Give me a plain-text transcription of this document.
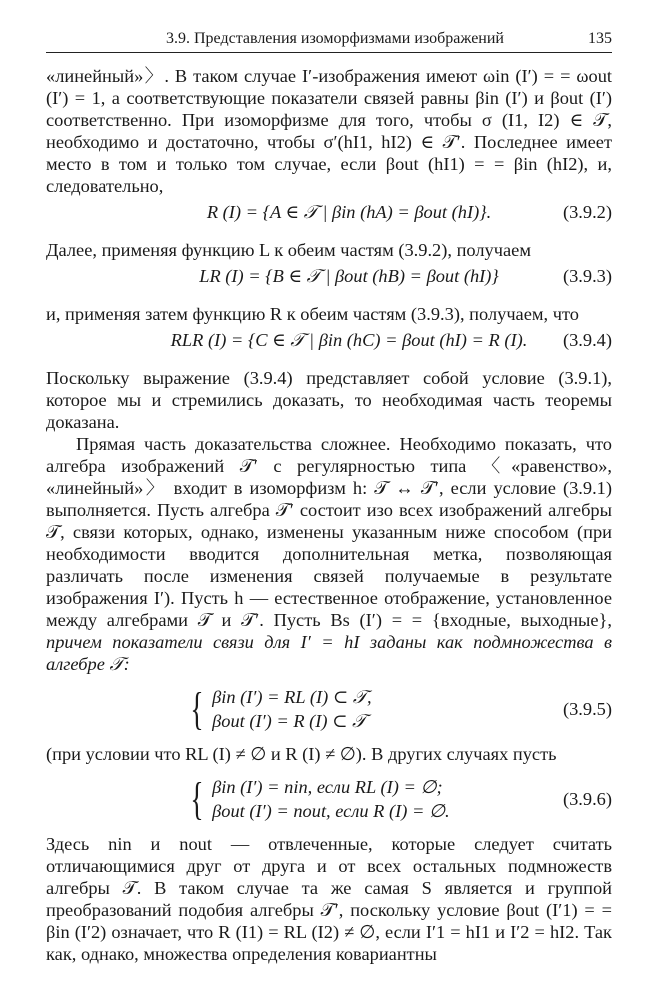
3.9. Представления изоморфизмами изображений	135

«линейный»〉. В таком случае I′-изображения имеют ωin (I′) = = ωout (I′) = 1, а соответствующие показатели связей равны βin (I′) и βout (I′) соответственно. При изоморфизме для того, чтобы σ (I1, I2) ∈ 𝒯, необходимо и достаточно, чтобы σ′(hI1, hI2) ∈ 𝒯′. Последнее имеет место в том и только том случае, если βout (hI1) = = βin (hI2), и, следовательно,

R (I) = {A ∈ 𝒯 | βin (hA) = βout (hI)}.	(3.9.2)

Далее, применяя функцию L к обеим частям (3.9.2), получаем

LR (I) = {B ∈ 𝒯 | βout (hB) = βout (hI)}	(3.9.3)

и, применяя затем функцию R к обеим частям (3.9.3), получаем, что

RLR (I) = {C ∈ 𝒯 | βin (hC) = βout (hI) = R (I). (3.9.4)

Поскольку выражение (3.9.4) представляет собой условие (3.9.1), которое мы и стремились доказать, то необходимая часть теоремы доказана.

Прямая часть доказательства сложнее. Необходимо показать, что алгебра изображений 𝒯′ с регулярностью типа 〈«равенство», «линейный»〉 входит в изоморфизм h: 𝒯 ↔ 𝒯′, если условие (3.9.1) выполняется. Пусть алгебра 𝒯′ состоит изо всех изображений алгебры 𝒯, связи которых, однако, изменены указанным ниже способом (при необходимости вводится дополнительная метка, позволяющая различать после изменения связей получаемые в результате изображения I′). Пусть h — естественное отображение, установленное между алгебрами 𝒯 и 𝒯′. Пусть Bs (I′) = = {входные, выходные}, причем показатели связи для I′ = hI заданы как подмножества в алгебре 𝒯:

{ βin (I′) = RL (I) ⊂ 𝒯,
βout (I′) = R (I) ⊂ 𝒯
(3.9.5)

(при условии что RL (I) ≠ ∅ и R (I) ≠ ∅). В других случаях пусть

{ βin (I′) = nin, если RL (I) = ∅;
βout (I′) = nout, если R (I) = ∅.
(3.9.6)

Здесь nin и nout — отвлеченные, которые следует считать отличающимися друг от друга и от всех остальных подмножеств алгебры 𝒯. В таком случае та же самая S является и группой преобразований подобия алгебры 𝒯′, поскольку условие βout (I′1) = = βin (I′2) означает, что R (I1) = RL (I2) ≠ ∅, если I′1 = hI1 и I′2 = hI2. Так как, однако, множества определения ковариантны
